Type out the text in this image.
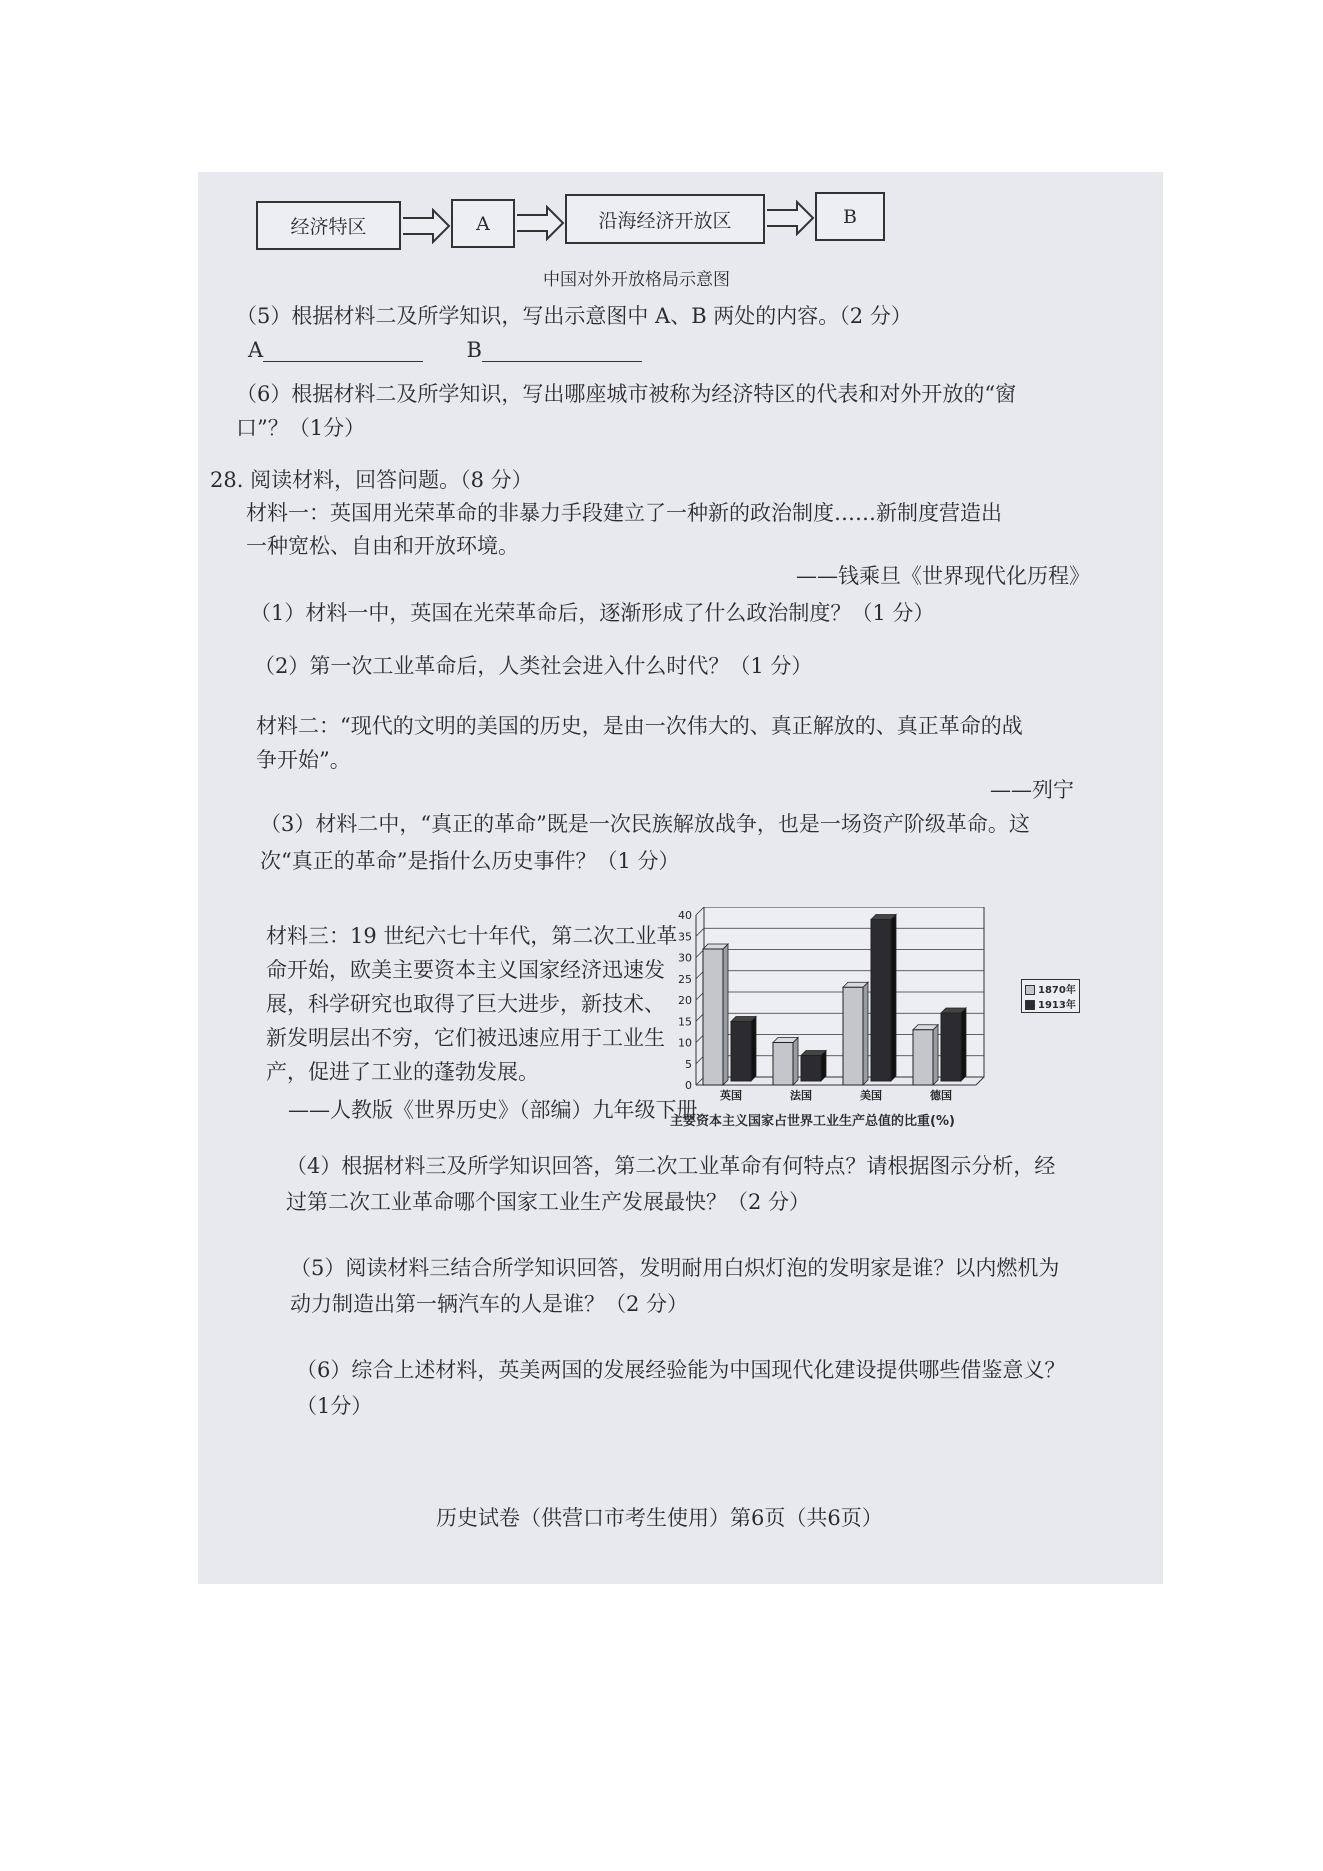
经济特区	A	沿海经济开放区	B
中国对外开放格局示意图
（5）根据材料二及所学知识，写出示意图中 A、B 两处的内容。（2 分）
A	B
（6）根据材料二及所学知识，写出哪座城市被称为经济特区的代表和对外开放的“窗
口”？（1分）
28. 阅读材料，回答问题。（8 分）
材料一：英国用光荣革命的非暴力手段建立了一种新的政治制度……新制度营造出
一种宽松、自由和开放环境。
——钱乘旦《世界现代化历程》
（1）材料一中，英国在光荣革命后，逐渐形成了什么政治制度？（1 分）
（2）第一次工业革命后，人类社会进入什么时代？（1 分）
材料二：“现代的文明的美国的历史，是由一次伟大的、真正解放的、真正革命的战
争开始”。
——列宁
（3）材料二中，“真正的革命”既是一次民族解放战争，也是一场资产阶级革命。这
次“真正的革命”是指什么历史事件？（1 分）
材料三：19 世纪六七十年代，第二次工业革
命开始，欧美主要资本主义国家经济迅速发
展，科学研究也取得了巨大进步，新技术、
新发明层出不穷，它们被迅速应用于工业生
产，促进了工业的蓬勃发展。
——人教版《世界历史》（部编）九年级下册
0
5
10
15
20
25
30
35
40
英国	法国	美国	德国
1870年
1913年
主要资本主义国家占世界工业生产总值的比重(%)
（4）根据材料三及所学知识回答，第二次工业革命有何特点？请根据图示分析，经
过第二次工业革命哪个国家工业生产发展最快？（2 分）
（5）阅读材料三结合所学知识回答，发明耐用白炽灯泡的发明家是谁？以内燃机为
动力制造出第一辆汽车的人是谁？（2 分）
（6）综合上述材料，英美两国的发展经验能为中国现代化建设提供哪些借鉴意义？
（1分）
历史试卷（供营口市考生使用）第6页（共6页）
